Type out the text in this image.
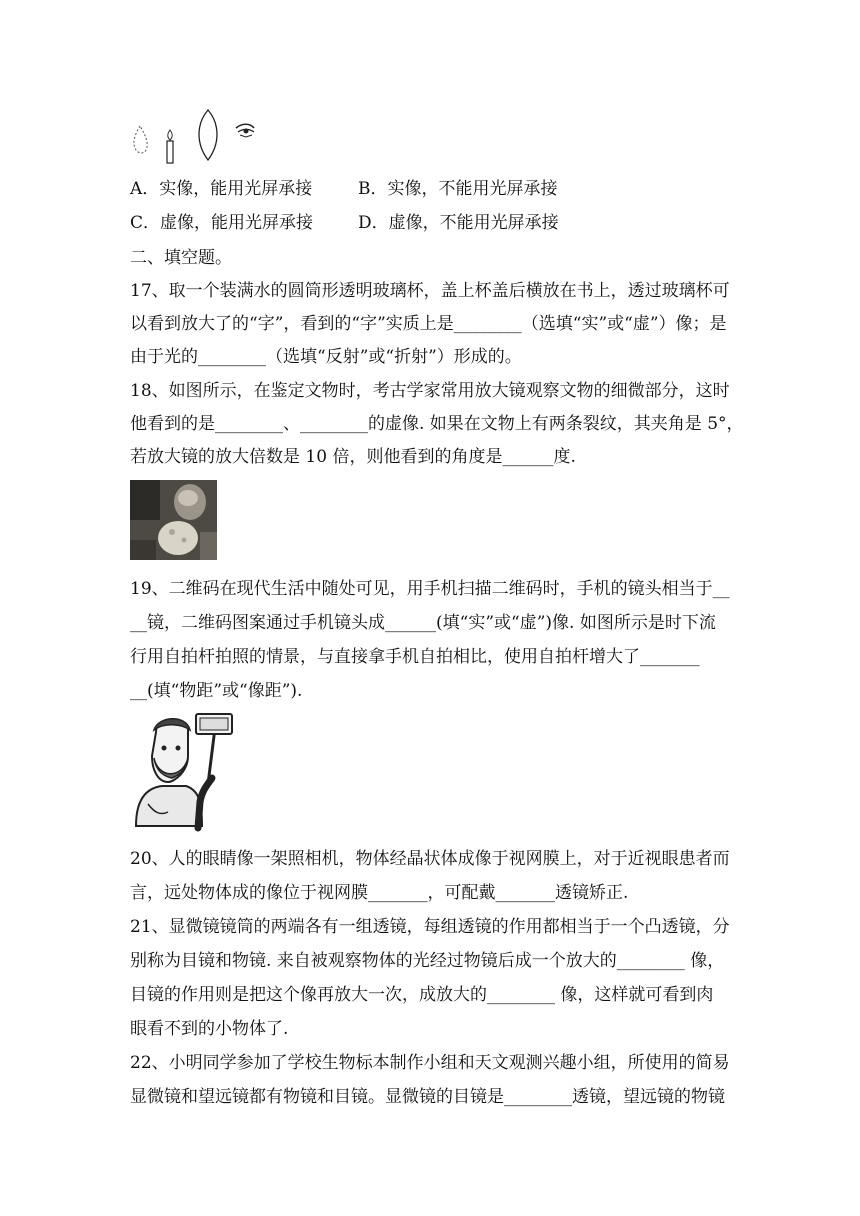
A．实像，能用光屏承接	B．实像，不能用光屏承接
C．虚像，能用光屏承接	D．虚像，不能用光屏承接
二、填空题。
17、取一个装满水的圆筒形透明玻璃杯，盖上杯盖后横放在书上，透过玻璃杯可
以看到放大了的“字”，看到的“字”实质上是________（选填“实”或“虚”）像；是
由于光的________（选填“反射”或“折射”）形成的。
18、如图所示，在鉴定文物时，考古学家常用放大镜观察文物的细微部分，这时
他看到的是________、________的虚像. 如果在文物上有两条裂纹，其夹角是 5°，
若放大镜的放大倍数是 10 倍，则他看到的角度是______度.
19、二维码在现代生活中随处可见，用手机扫描二维码时，手机的镜头相当于__
__镜，二维码图案通过手机镜头成______(填“实”或“虚”)像. 如图所示是时下流
行用自拍杆拍照的情景，与直接拿手机自拍相比，使用自拍杆增大了_______
__(填“物距”或“像距”).
20、人的眼睛像一架照相机，物体经晶状体成像于视网膜上，对于近视眼患者而
言，远处物体成的像位于视网膜_______，可配戴_______透镜矫正.
21、显微镜镜筒的两端各有一组透镜，每组透镜的作用都相当于一个凸透镜，分
别称为目镜和物镜. 来自被观察物体的光经过物镜后成一个放大的________ 像，
目镜的作用则是把这个像再放大一次，成放大的________ 像，这样就可看到肉
眼看不到的小物体了.
22、小明同学参加了学校生物标本制作小组和天文观测兴趣小组，所使用的简易
显微镜和望远镜都有物镜和目镜。显微镜的目镜是________透镜，望远镜的物镜
